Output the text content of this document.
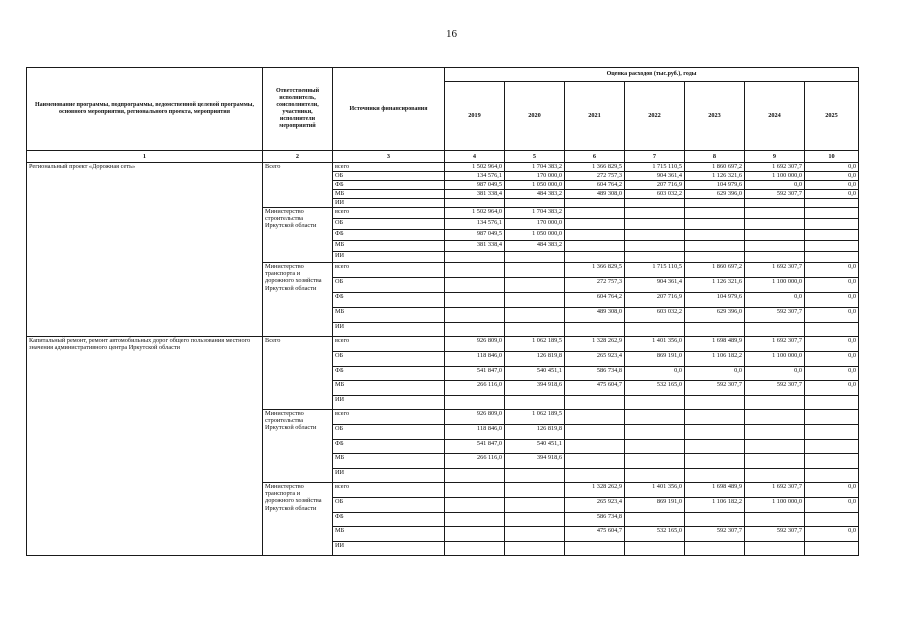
16
Наименование программы, подпрограммы, ведомственной целевой программы, основного мероприятия, регионального проекта, мероприятия	Ответственный исполнитель, соисполнители, участники, исполнители мероприятий	Источники финансирования	Оценка расходов (тыс.руб.), годы						
			2019	2020	2021	2022	2023	2024	2025
1	2	3	4	5	6	7	8	9	10
Региональный проект «Дорожная сеть»	Всего	всего	1 502 964,0	1 704 383,2	1 366 829,5	1 715 110,5	1 860 697,2	1 692 307,7	0,0
		ОБ	134 576,1	170 000,0	272 757,3	904 361,4	1 126 321,6	1 100 000,0	0,0
		ФБ	987 049,5	1 050 000,0	604 764,2	207 716,9	104 979,6	0,0	0,0
		МБ	381 338,4	484 383,2	489 308,0	603 032,2	629 396,0	592 307,7	0,0
		ИИ							
	Министерство строительства Иркутской области	всего	1 502 964,0	1 704 383,2					
		ОБ	134 576,1	170 000,0					
		ФБ	987 049,5	1 050 000,0					
		МБ	381 338,4	484 383,2					
		ИИ							
	Министерство транспорта и дорожного хозяйства Иркутской области	всего			1 366 829,5	1 715 110,5	1 860 697,2	1 692 307,7	0,0
		ОБ			272 757,3	904 361,4	1 126 321,6	1 100 000,0	0,0
		ФБ			604 764,2	207 716,9	104 979,6	0,0	0,0
		МБ			489 308,0	603 032,2	629 396,0	592 307,7	0,0
		ИИ							
Капитальный ремонт, ремонт автомобильных дорог общего пользования местного значения административного центра Иркутской области	Всего	всего	926 809,0	1 062 189,5	1 328 262,9	1 401 356,0	1 698 489,9	1 692 307,7	0,0
		ОБ	118 846,0	126 819,8	265 923,4	869 191,0	1 106 182,2	1 100 000,0	0,0
		ФБ	541 847,0	540 451,1	586 734,8	0,0	0,0	0,0	0,0
		МБ	266 116,0	394 918,6	475 604,7	532 165,0	592 307,7	592 307,7	0,0
		ИИ							
	Министерство строительства Иркутской области	всего	926 809,0	1 062 189,5					
		ОБ	118 846,0	126 819,8					
		ФБ	541 847,0	540 451,1					
		МБ	266 116,0	394 918,6					
		ИИ							
	Министерство транспорта и дорожного хозяйства Иркутской области	всего			1 328 262,9	1 401 356,0	1 698 489,9	1 692 307,7	0,0
		ОБ			265 923,4	869 191,0	1 106 182,2	1 100 000,0	0,0
		ФБ			586 734,8				
		МБ			475 604,7	532 165,0	592 307,7	592 307,7	0,0
		ИИ							
